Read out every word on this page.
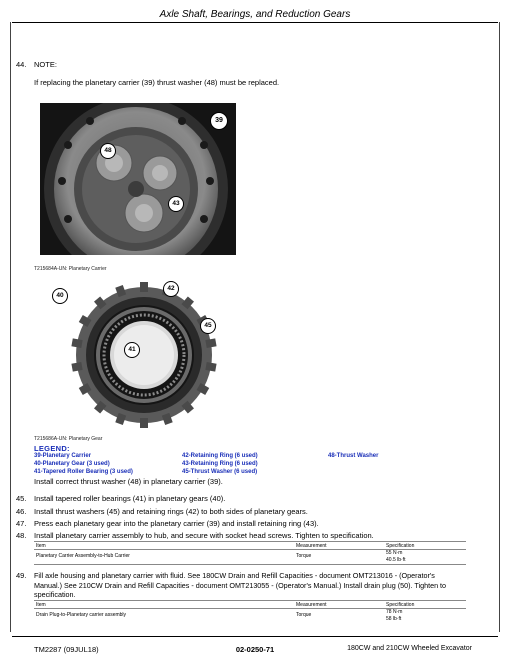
Axle Shaft, Bearings, and Reduction Gears
44. NOTE:
If replacing the planetary carrier (39) thrust washer (48) must be replaced.
39
48
43
T215684A-UN: Planetary Carrier
40
42
45
41
T215686A-UN: Planetary Gear
LEGEND:
39-Planetary Carrier
40-Planetary Gear (3 used)
41-Tapered Roller Bearing (3 used)
42-Retaining Ring (6 used)
43-Retaining Ring (6 used)
45-Thrust Washer (6 used)
48-Thrust Washer
Install correct thrust washer (48) in planetary carrier (39).
45. Install tapered roller bearings (41) in planetary gears (40).
46. Install thrust washers (45) and retaining rings (42) to both sides of planetary gears.
47. Press each planetary gear into the planetary carrier (39) and install retaining ring (43).
48. Install planetary carrier assembly to hub, and secure with socket head screws. Tighten to specification.
Item	Measurement	Specification
Planetary Carrier Assembly-to-Hub Carrier	Torque	55 N·m
40.5 lb·ft
49. Fill axle housing and planetary carrier with fluid. See 180CW Drain and Refill Capacities - document OMT213016 - (Operator's
Manual.) See 210CW Drain and Refill Capacities - document OMT213055 - (Operator's Manual.) Install drain plug (50). Tighten to
specification.
Item	Measurement	Specification
Drain Plug-to-Planetary carrier assembly	Torque	78 N·m
58 lb·ft
TM2287 (09JUL18)	02-0250-71	180CW and 210CW Wheeled Excavator
